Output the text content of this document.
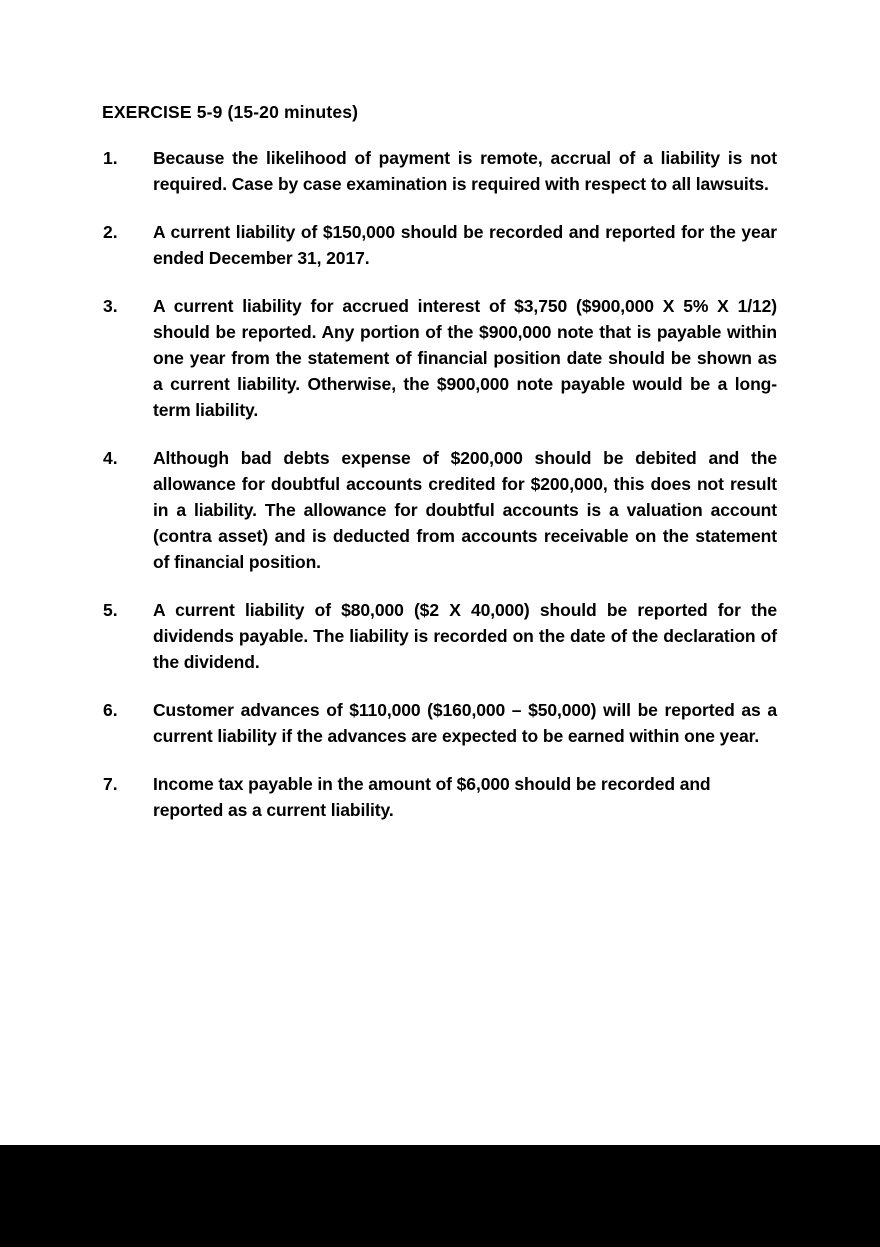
EXERCISE 5-9 (15-20 minutes)
1. Because the likelihood of payment is remote, accrual of a liability is not required. Case by case examination is required with respect to all lawsuits.

2. A current liability of $150,000 should be recorded and reported for the year ended December 31, 2017.

3. A current liability for accrued interest of $3,750 ($900,000 X 5% X 1/12) should be reported. Any portion of the $900,000 note that is payable within one year from the statement of financial position date should be shown as a current liability. Otherwise, the $900,000 note payable would be a long-term liability.

4. Although bad debts expense of $200,000 should be debited and the allowance for doubtful accounts credited for $200,000, this does not result in a liability. The allowance for doubtful accounts is a valuation account (contra asset) and is deducted from accounts receivable on the statement of financial position.

5. A current liability of $80,000 ($2 X 40,000) should be reported for the dividends payable. The liability is recorded on the date of the declaration of the dividend.

6. Customer advances of $110,000 ($160,000 – $50,000) will be reported as a current liability if the advances are expected to be earned within one year.

7. Income tax payable in the amount of $6,000 should be recorded and reported as a current liability.
